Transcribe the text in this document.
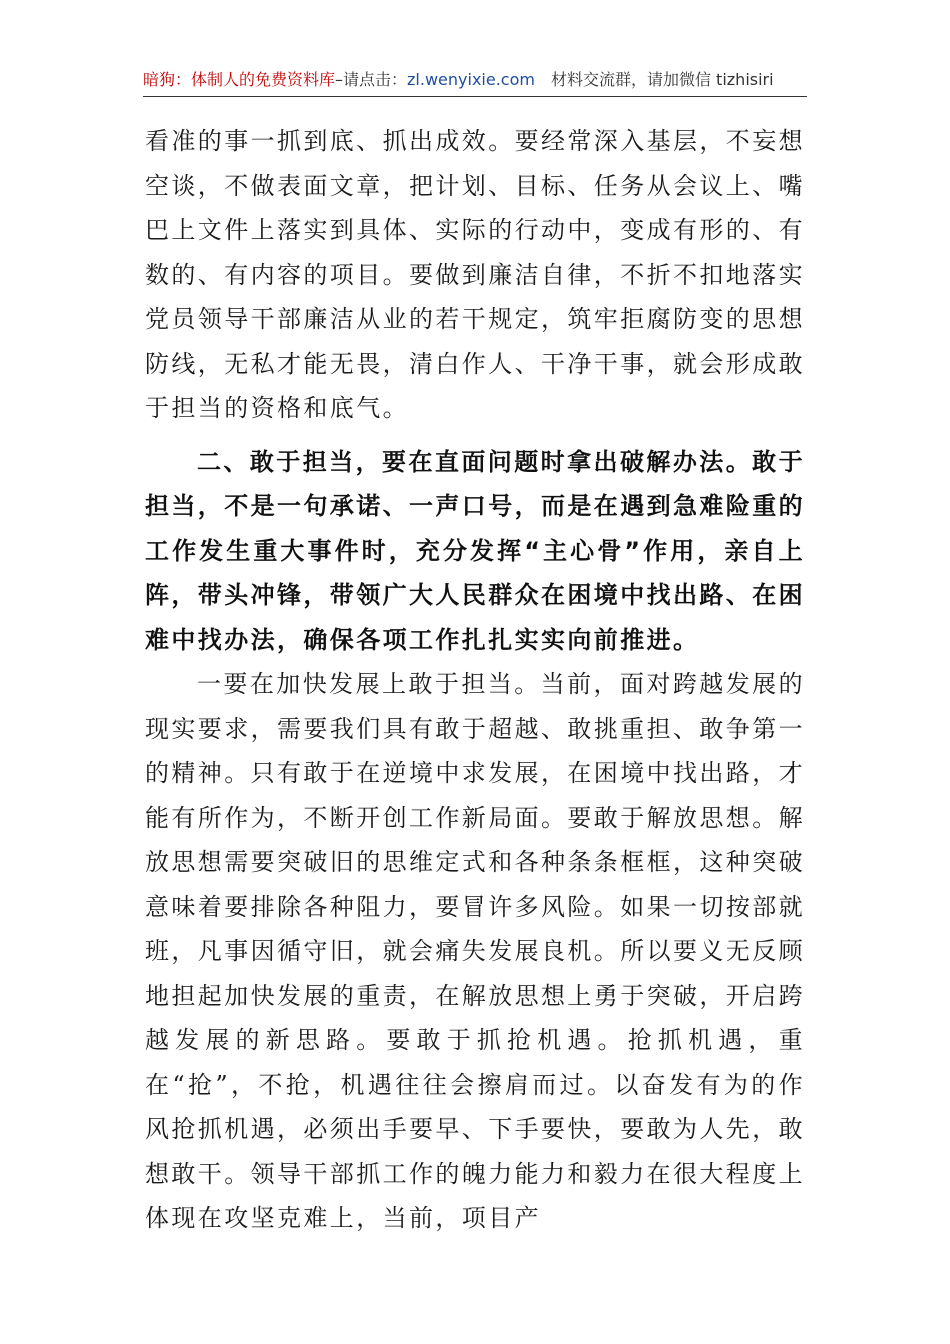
暗狗：体制人的免费资料库–请点击：zl.wenyixie.com 材料交流群，请加微信 tizhisiri

看准的事一抓到底、抓出成效。要经常深入基层，不妄想空谈，不做表面文章，把计划、目标、任务从会议上、嘴巴上文件上落实到具体、实际的行动中，变成有形的、有数的、有内容的项目。要做到廉洁自律，不折不扣地落实党员领导干部廉洁从业的若干规定，筑牢拒腐防变的思想防线，无私才能无畏，清白作人、干净干事，就会形成敢于担当的资格和底气。

二、敢于担当，要在直面问题时拿出破解办法。敢于担当，不是一句承诺、一声口号，而是在遇到急难险重的工作发生重大事件时，充分发挥“主心骨”作用，亲自上阵，带头冲锋，带领广大人民群众在困境中找出路、在困难中找办法，确保各项工作扎扎实实向前推进。

一要在加快发展上敢于担当。当前，面对跨越发展的现实要求，需要我们具有敢于超越、敢挑重担、敢争第一的精神。只有敢于在逆境中求发展，在困境中找出路，才能有所作为，不断开创工作新局面。要敢于解放思想。解放思想需要突破旧的思维定式和各种条条框框，这种突破意味着要排除各种阻力，要冒许多风险。如果一切按部就班，凡事因循守旧，就会痛失发展良机。所以要义无反顾地担起加快发展的重责，在解放思想上勇于突破，开启跨越发展的新思路。要敢于抓抢机遇。抢抓机遇，重在“抢”，不抢，机遇往往会擦肩而过。以奋发有为的作风抢抓机遇，必须出手要早、下手要快，要敢为人先，敢想敢干。领导干部抓工作的魄力能力和毅力在很大程度上体现在攻坚克难上，当前，项目产
